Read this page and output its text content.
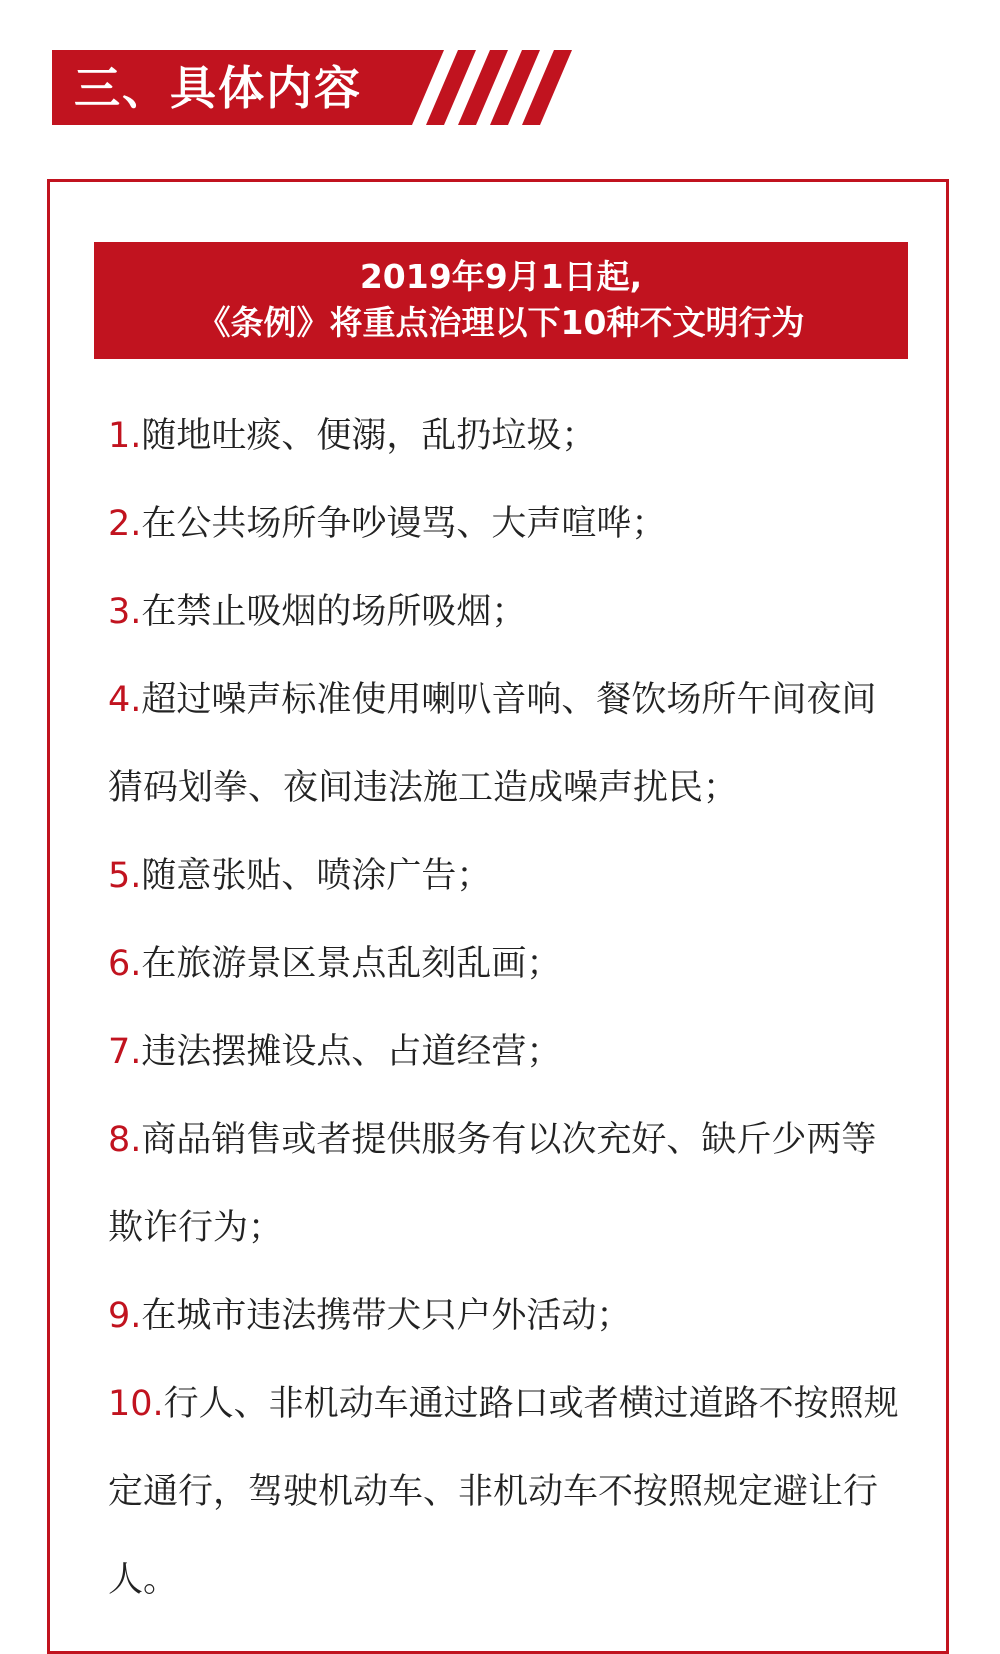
三、具体内容
2019年9月1日起,
《条例》将重点治理以下10种不文明行为
1.随地吐痰、便溺，乱扔垃圾；
2.在公共场所争吵谩骂、大声喧哗；
3.在禁止吸烟的场所吸烟；
4.超过噪声标准使用喇叭音响、餐饮场所午间夜间猜码划拳、夜间违法施工造成噪声扰民；
5.随意张贴、喷涂广告；
6.在旅游景区景点乱刻乱画；
7.违法摆摊设点、占道经营；
8.商品销售或者提供服务有以次充好、缺斤少两等欺诈行为；
9.在城市违法携带犬只户外活动；
10.行人、非机动车通过路口或者横过道路不按照规定通行，驾驶机动车、非机动车不按照规定避让行人。
